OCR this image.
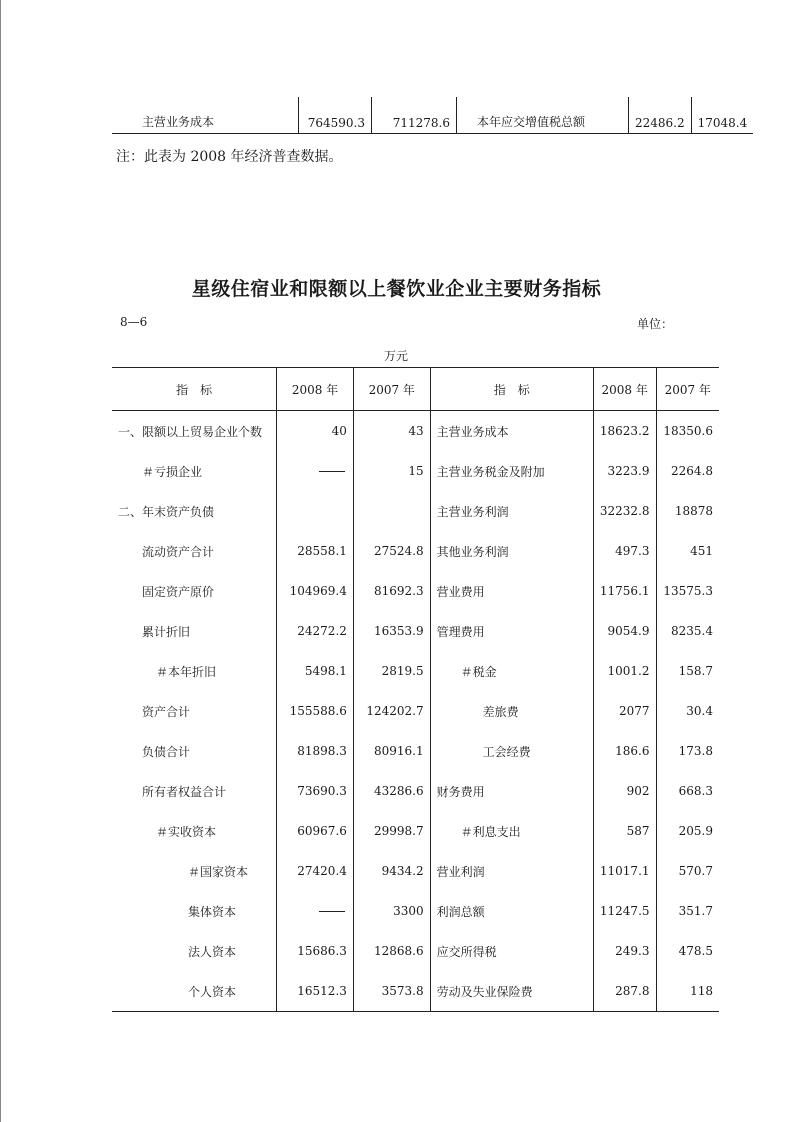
主营业务成本	764590.3	711278.6	本年应交增值税总额	22486.2	17048.4
注：此表为 2008 年经济普查数据。
星级住宿业和限额以上餐饮业企业主要财务指标
8—6	单位：
万元
指　标	2008 年	2007 年	指　标	2008 年	2007 年
一、限额以上贸易企业个数	40	43	主营业务成本	18623.2	18350.6
＃亏损企业		15	主营业务税金及附加	3223.9	2264.8
二、年末资产负债			主营业务利润	32232.8	18878
流动资产合计	28558.1	27524.8	其他业务利润	497.3	451
固定资产原价	104969.4	81692.3	营业费用	11756.1	13575.3
累计折旧	24272.2	16353.9	管理费用	9054.9	8235.4
＃本年折旧	5498.1	2819.5	＃税金	1001.2	158.7
资产合计	155588.6	124202.7	差旅费	2077	30.4
负债合计	81898.3	80916.1	工会经费	186.6	173.8
所有者权益合计	73690.3	43286.6	财务费用	902	668.3
＃实收资本	60967.6	29998.7	＃利息支出	587	205.9
＃国家资本	27420.4	9434.2	营业利润	11017.1	570.7
集体资本		3300	利润总额	11247.5	351.7
法人资本	15686.3	12868.6	应交所得税	249.3	478.5
个人资本	16512.3	3573.8	劳动及失业保险费	287.8	118
